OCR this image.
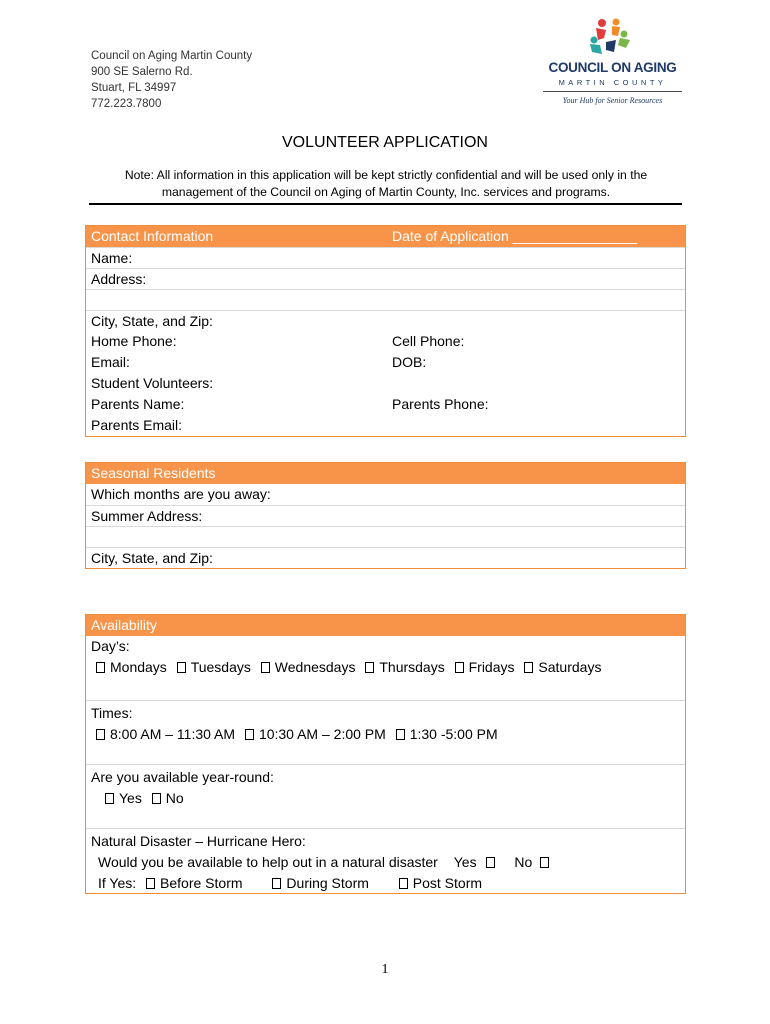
Council on Aging Martin County
900 SE Salerno Rd.
Stuart, FL 34997
772.223.7800
COUNCIL ON AGING
MARTIN COUNTY
Your Hub for Senior Resources
VOLUNTEER APPLICATION
Note: All information in this application will be kept strictly confidential and will be used only in the management of the Council on Aging of Martin County, Inc. services and programs.
Contact Information	Date of Application ________________
Name:
Address:
City, State, and Zip:
Home Phone:	Cell Phone:
Email:	DOB:
Student Volunteers:
Parents Name:	Parents Phone:
Parents Email:
Seasonal Residents
Which months are you away:
Summer Address:
City, State, and Zip:
Availability
Day’s:
Mondays Tuesdays Wednesdays Thursdays Fridays Saturdays
Times:
8:00 AM – 11:30 AM 10:30 AM – 2:00 PM 1:30 -5:00 PM
Are you available year-round:
Yes No
Natural Disaster – Hurricane Hero:
Would you be available to help out in a natural disaster Yes	No
If Yes: Before Storm	During Storm	Post Storm
1
